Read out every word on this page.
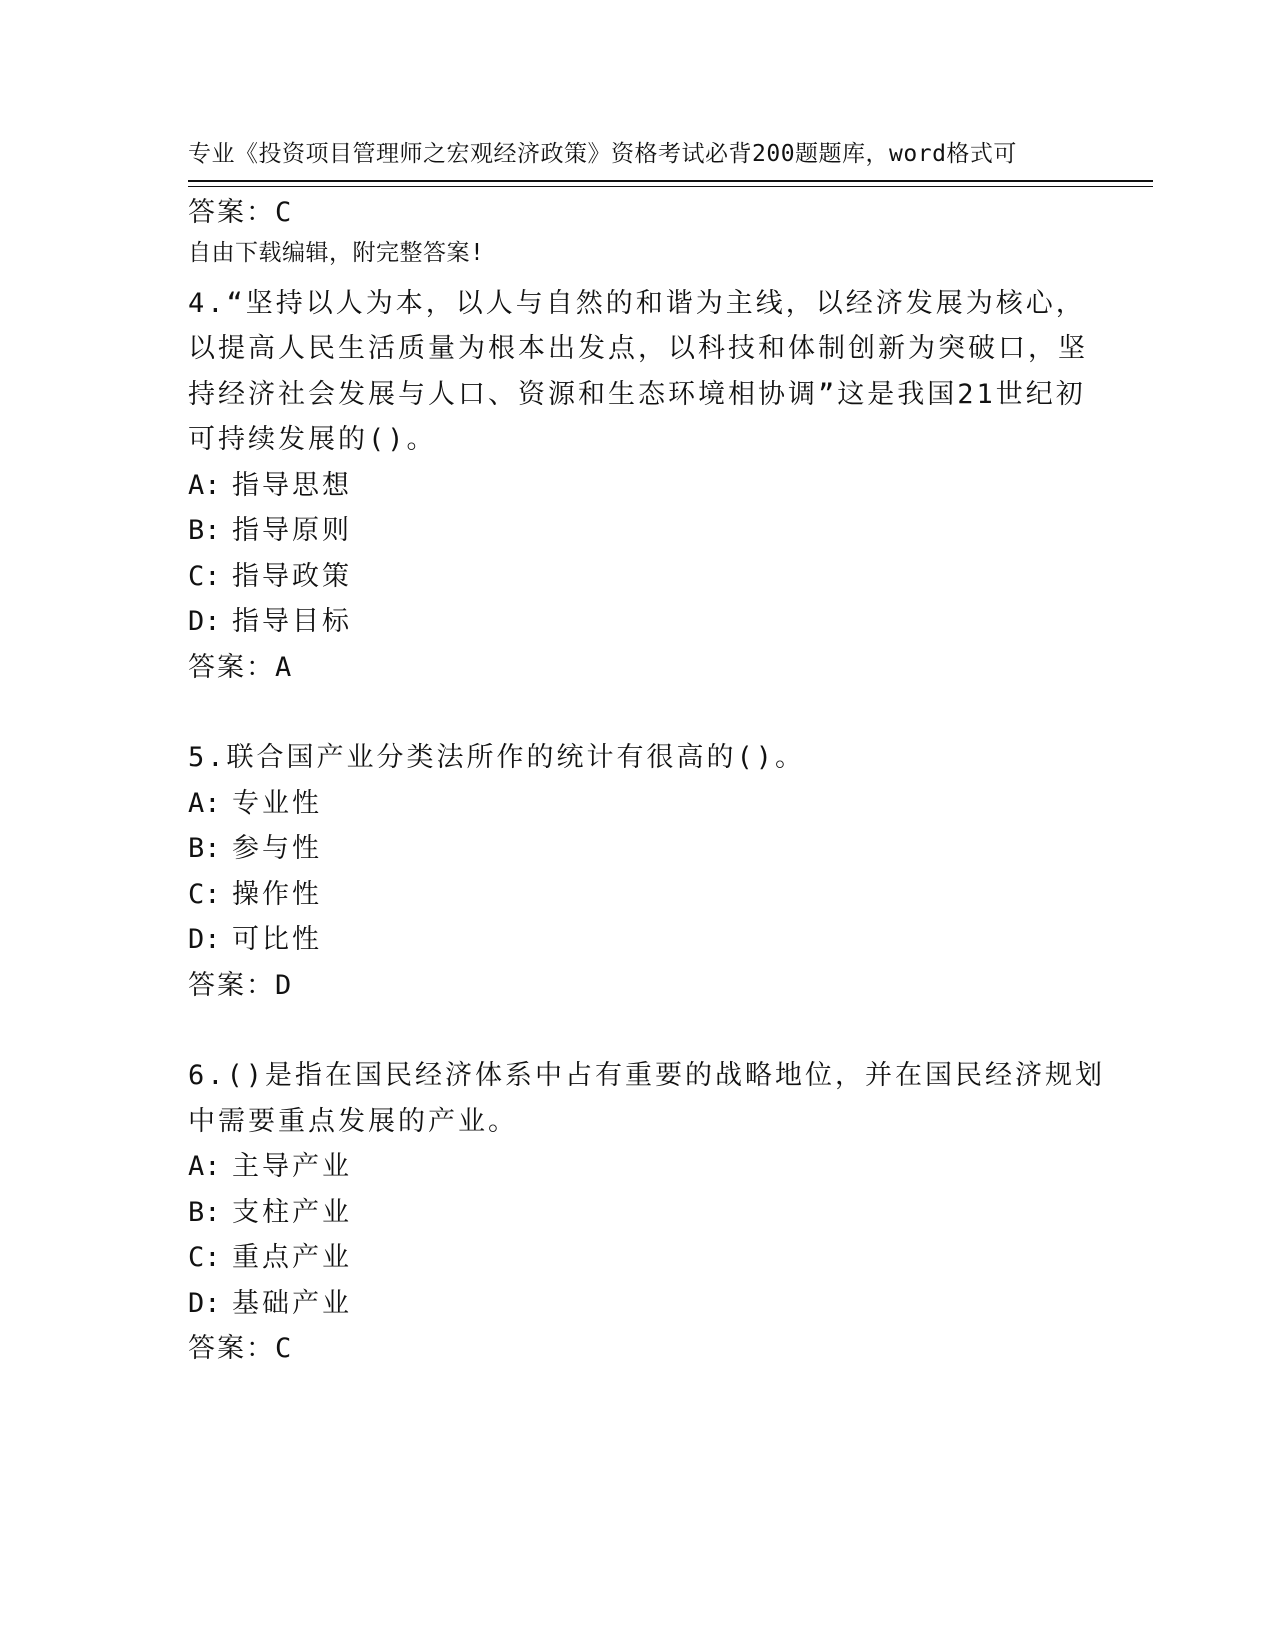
专业《投资项目管理师之宏观经济政策》资格考试必背200题题库，word格式可

自由下载编辑，附完整答案!

答案：C
4.“坚持以人为本，以人与自然的和谐为主线，以经济发展为核心，
以提高人民生活质量为根本出发点，以科技和体制创新为突破口，坚
持经济社会发展与人口、资源和生态环境相协调”这是我国21世纪初
可持续发展的()。
A: 指导思想
B: 指导原则
C: 指导政策
D: 指导目标
答案：A
5.联合国产业分类法所作的统计有很高的()。
A: 专业性
B: 参与性
C: 操作性
D: 可比性
答案：D
6.()是指在国民经济体系中占有重要的战略地位，并在国民经济规划
中需要重点发展的产业。
A: 主导产业
B: 支柱产业
C: 重点产业
D: 基础产业
答案：C
